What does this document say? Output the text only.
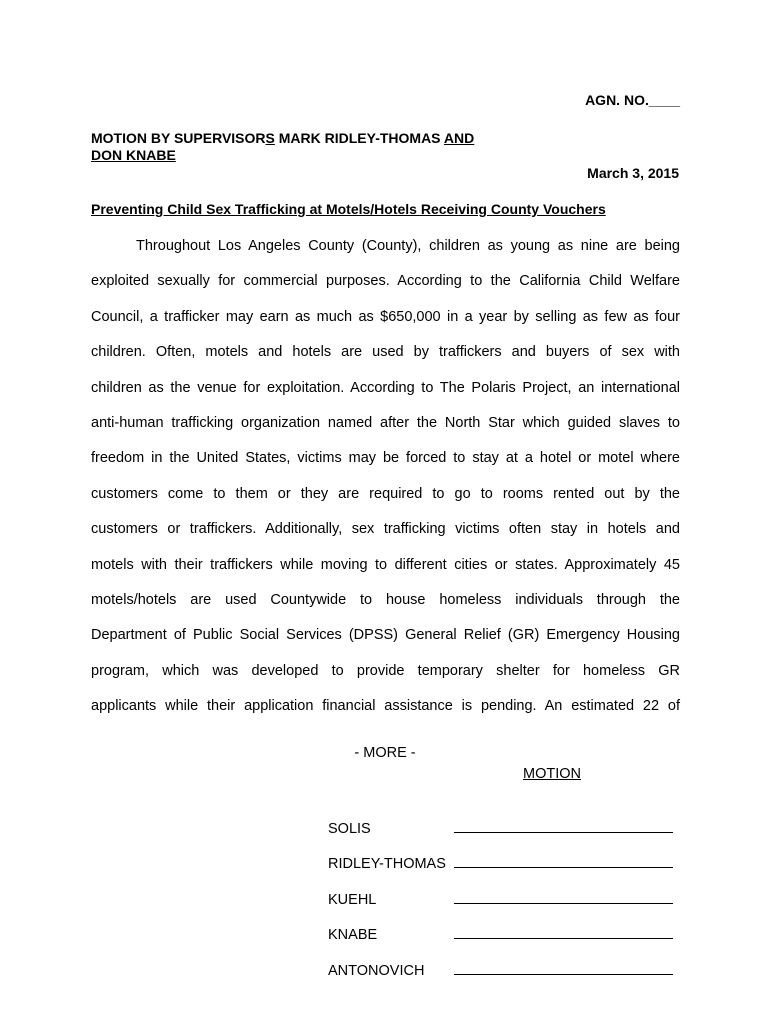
AGN. NO.____
MOTION BY SUPERVISORS MARK RIDLEY-THOMAS AND
DON KNABE
March 3, 2015
Preventing Child Sex Trafficking at Motels/Hotels Receiving County Vouchers
Throughout Los Angeles County (County), children as young as nine are being
exploited sexually for commercial purposes. According to the California Child Welfare
Council, a trafficker may earn as much as $650,000 in a year by selling as few as four
children. Often, motels and hotels are used by traffickers and buyers of sex with
children as the venue for exploitation. According to The Polaris Project, an international
anti-human trafficking organization named after the North Star which guided slaves to
freedom in the United States, victims may be forced to stay at a hotel or motel where
customers come to them or they are required to go to rooms rented out by the
customers or traffickers. Additionally, sex trafficking victims often stay in hotels and
motels with their traffickers while moving to different cities or states. Approximately 45
motels/hotels are used Countywide to house homeless individuals through the
Department of Public Social Services (DPSS) General Relief (GR) Emergency Housing
program, which was developed to provide temporary shelter for homeless GR
applicants while their application financial assistance is pending. An estimated 22 of
- MORE -
MOTION
SOLIS
RIDLEY-THOMAS
KUEHL
KNABE
ANTONOVICH
